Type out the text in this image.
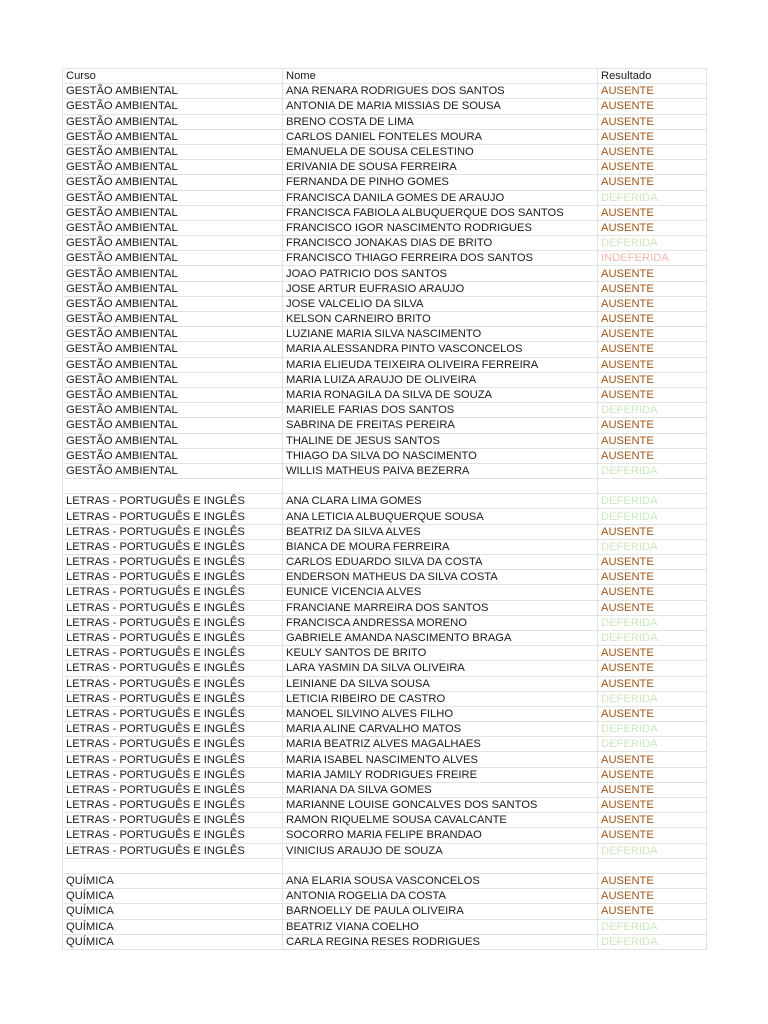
Curso	Nome	Resultado
GESTÃO AMBIENTAL	ANA RENARA RODRIGUES DOS SANTOS	AUSENTE
GESTÃO AMBIENTAL	ANTONIA DE MARIA MISSIAS DE SOUSA	AUSENTE
GESTÃO AMBIENTAL	BRENO COSTA DE LIMA	AUSENTE
GESTÃO AMBIENTAL	CARLOS DANIEL FONTELES MOURA	AUSENTE
GESTÃO AMBIENTAL	EMANUELA DE SOUSA CELESTINO	AUSENTE
GESTÃO AMBIENTAL	ERIVANIA DE SOUSA FERREIRA	AUSENTE
GESTÃO AMBIENTAL	FERNANDA DE PINHO GOMES	AUSENTE
GESTÃO AMBIENTAL	FRANCISCA DANILA GOMES DE ARAUJO	DEFERIDA
GESTÃO AMBIENTAL	FRANCISCA FABIOLA ALBUQUERQUE DOS SANTOS	AUSENTE
GESTÃO AMBIENTAL	FRANCISCO IGOR NASCIMENTO RODRIGUES	AUSENTE
GESTÃO AMBIENTAL	FRANCISCO JONAKAS DIAS DE BRITO	DEFERIDA
GESTÃO AMBIENTAL	FRANCISCO THIAGO FERREIRA DOS SANTOS	INDEFERIDA
GESTÃO AMBIENTAL	JOAO PATRICIO DOS SANTOS	AUSENTE
GESTÃO AMBIENTAL	JOSE ARTUR EUFRASIO ARAUJO	AUSENTE
GESTÃO AMBIENTAL	JOSE VALCELIO DA SILVA	AUSENTE
GESTÃO AMBIENTAL	KELSON CARNEIRO BRITO	AUSENTE
GESTÃO AMBIENTAL	LUZIANE MARIA SILVA NASCIMENTO	AUSENTE
GESTÃO AMBIENTAL	MARIA ALESSANDRA PINTO VASCONCELOS	AUSENTE
GESTÃO AMBIENTAL	MARIA ELIEUDA TEIXEIRA OLIVEIRA FERREIRA	AUSENTE
GESTÃO AMBIENTAL	MARIA LUIZA ARAUJO DE OLIVEIRA	AUSENTE
GESTÃO AMBIENTAL	MARIA RONAGILA DA SILVA DE SOUZA	AUSENTE
GESTÃO AMBIENTAL	MARIELE FARIAS DOS SANTOS	DEFERIDA
GESTÃO AMBIENTAL	SABRINA DE FREITAS PEREIRA	AUSENTE
GESTÃO AMBIENTAL	THALINE DE JESUS SANTOS	AUSENTE
GESTÃO AMBIENTAL	THIAGO DA SILVA DO NASCIMENTO	AUSENTE
GESTÃO AMBIENTAL	WILLIS MATHEUS PAIVA BEZERRA	DEFERIDA

LETRAS - PORTUGUÊS E INGLÊS	ANA CLARA LIMA GOMES	DEFERIDA
LETRAS - PORTUGUÊS E INGLÊS	ANA LETICIA ALBUQUERQUE SOUSA	DEFERIDA
LETRAS - PORTUGUÊS E INGLÊS	BEATRIZ DA SILVA ALVES	AUSENTE
LETRAS - PORTUGUÊS E INGLÊS	BIANCA DE MOURA FERREIRA	DEFERIDA
LETRAS - PORTUGUÊS E INGLÊS	CARLOS EDUARDO SILVA DA COSTA	AUSENTE
LETRAS - PORTUGUÊS E INGLÊS	ENDERSON MATHEUS DA SILVA COSTA	AUSENTE
LETRAS - PORTUGUÊS E INGLÊS	EUNICE VICENCIA ALVES	AUSENTE
LETRAS - PORTUGUÊS E INGLÊS	FRANCIANE MARREIRA DOS SANTOS	AUSENTE
LETRAS - PORTUGUÊS E INGLÊS	FRANCISCA ANDRESSA MORENO	DEFERIDA
LETRAS - PORTUGUÊS E INGLÊS	GABRIELE AMANDA NASCIMENTO BRAGA	DEFERIDA
LETRAS - PORTUGUÊS E INGLÊS	KEULY SANTOS DE BRITO	AUSENTE
LETRAS - PORTUGUÊS E INGLÊS	LARA YASMIN DA SILVA OLIVEIRA	AUSENTE
LETRAS - PORTUGUÊS E INGLÊS	LEINIANE DA SILVA SOUSA	AUSENTE
LETRAS - PORTUGUÊS E INGLÊS	LETICIA RIBEIRO DE CASTRO	DEFERIDA
LETRAS - PORTUGUÊS E INGLÊS	MANOEL SILVINO ALVES FILHO	AUSENTE
LETRAS - PORTUGUÊS E INGLÊS	MARIA ALINE CARVALHO MATOS	DEFERIDA
LETRAS - PORTUGUÊS E INGLÊS	MARIA BEATRIZ ALVES MAGALHAES	DEFERIDA
LETRAS - PORTUGUÊS E INGLÊS	MARIA ISABEL NASCIMENTO ALVES	AUSENTE
LETRAS - PORTUGUÊS E INGLÊS	MARIA JAMILY RODRIGUES FREIRE	AUSENTE
LETRAS - PORTUGUÊS E INGLÊS	MARIANA DA SILVA GOMES	AUSENTE
LETRAS - PORTUGUÊS E INGLÊS	MARIANNE LOUISE GONCALVES DOS SANTOS	AUSENTE
LETRAS - PORTUGUÊS E INGLÊS	RAMON RIQUELME SOUSA CAVALCANTE	AUSENTE
LETRAS - PORTUGUÊS E INGLÊS	SOCORRO MARIA FELIPE BRANDAO	AUSENTE
LETRAS - PORTUGUÊS E INGLÊS	VINICIUS ARAUJO DE SOUZA	DEFERIDA

QUÍMICA	ANA ELARIA SOUSA VASCONCELOS	AUSENTE
QUÍMICA	ANTONIA ROGELIA DA COSTA	AUSENTE
QUÍMICA	BARNOELLY DE PAULA OLIVEIRA	AUSENTE
QUÍMICA	BEATRIZ VIANA COELHO	DEFERIDA
QUÍMICA	CARLA REGINA RESES RODRIGUES	DEFERIDA
